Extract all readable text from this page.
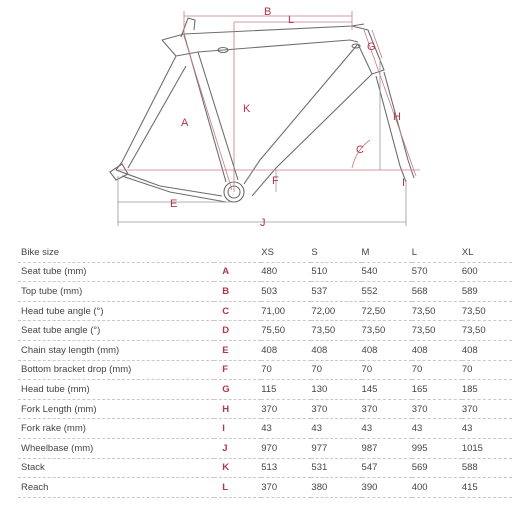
B
L
G
K
A	H
C
F	I
E
J
Bike size		XS	S	M	L	XL
Seat tube (mm)	A	480	510	540	570	600
Top tube (mm)	B	503	537	552	568	589
Head tube angle (°)	C	71,00	72,00	72,50	73,50	73,50
Seat tube angle (°)	D	75,50	73,50	73,50	73,50	73,50
Chain stay length (mm)	E	408	408	408	408	408
Bottom bracket drop (mm)	F	70	70	70	70	70
Head tube (mm)	G	115	130	145	165	185
Fork Length (mm)	H	370	370	370	370	370
Fork rake (mm)	I	43	43	43	43	43
Wheelbase (mm)	J	970	977	987	995	1015
Stack	K	513	531	547	569	588
Reach	L	370	380	390	400	415
